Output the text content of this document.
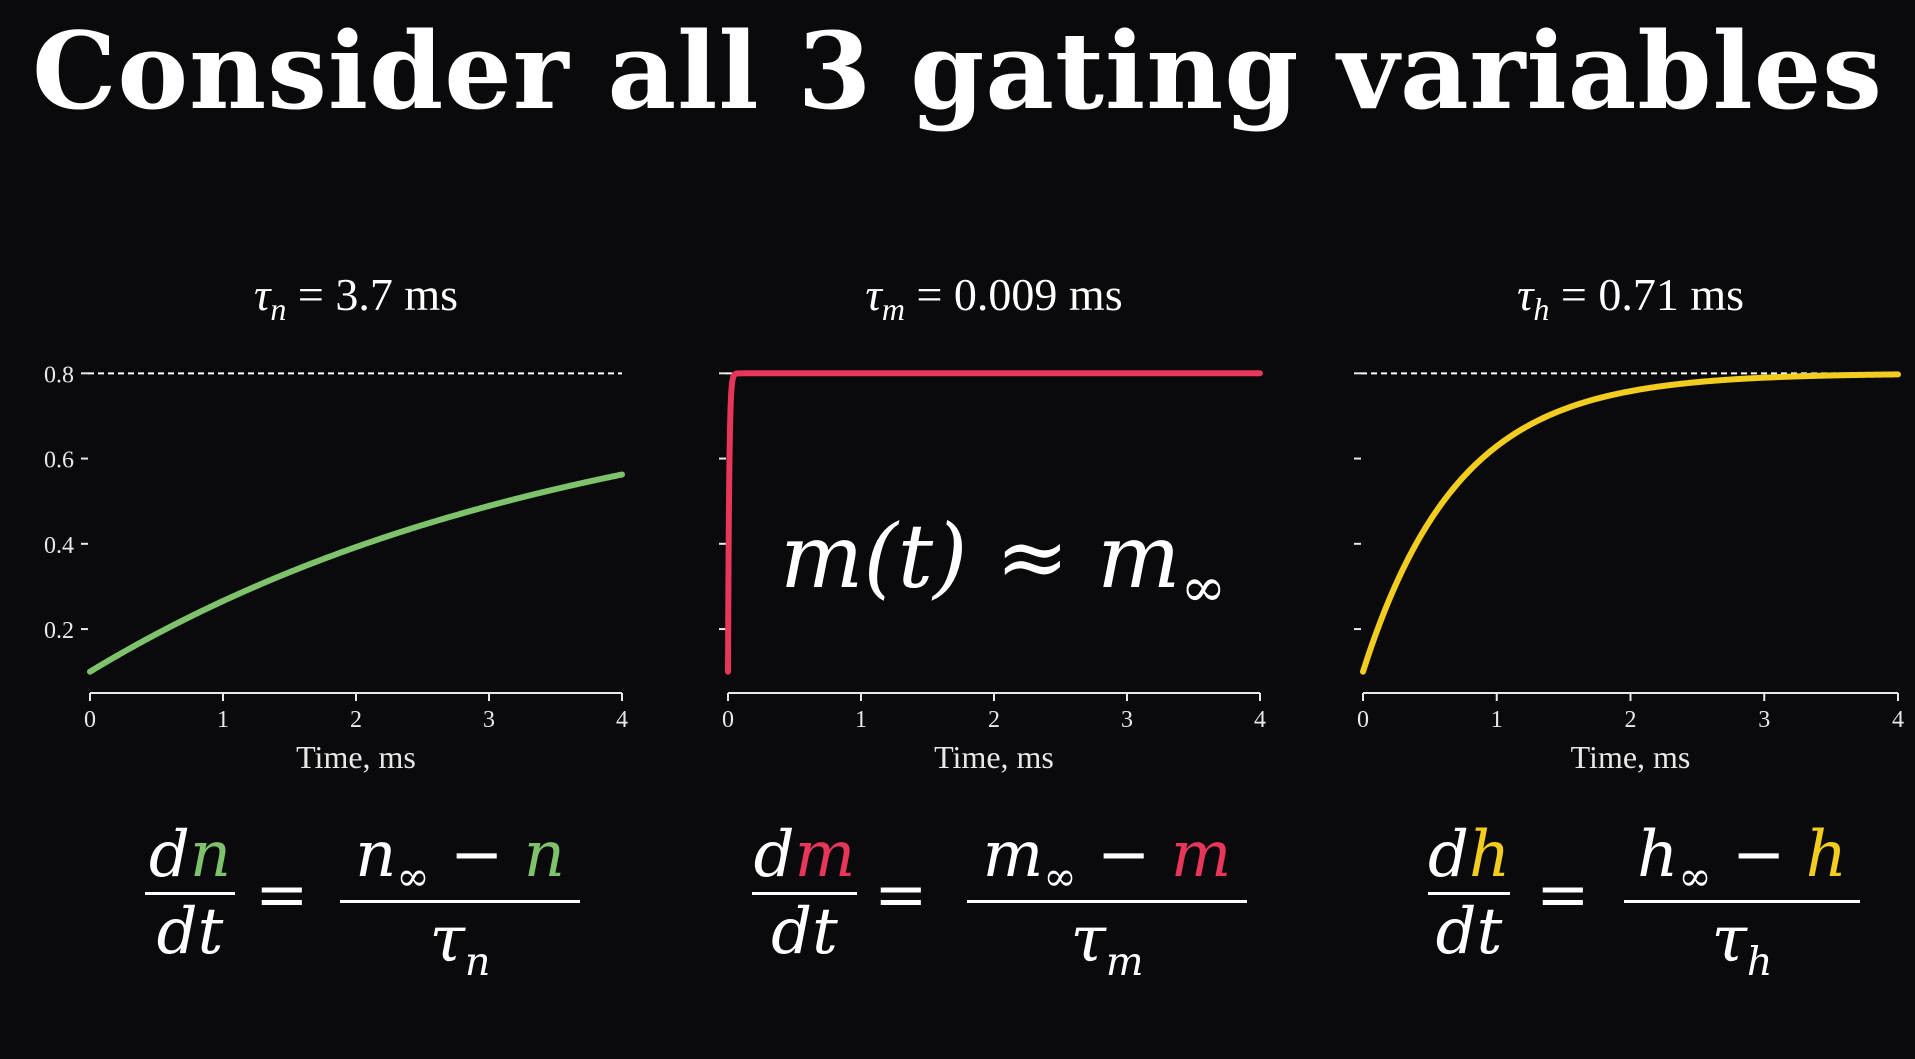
Consider all 3 gating variables
$\tau_n = 3.7$ ms
0	1	2	3	4
Time, ms
0.2
0.4
0.6
0.8
$\tau_m = 0.009$ ms
0	1	2	3	4
Time, ms
$\tau_h = 0.71$ ms
0	1	2	3	4
Time, ms
dn
dt =
$n_\infty - n$
$\tau_n$
dm
dt =
$m_\infty - m$
$\tau_m$
dh
dt =
$h_\infty - h$
$\tau_h$
$m(t) \approx m_\infty$
